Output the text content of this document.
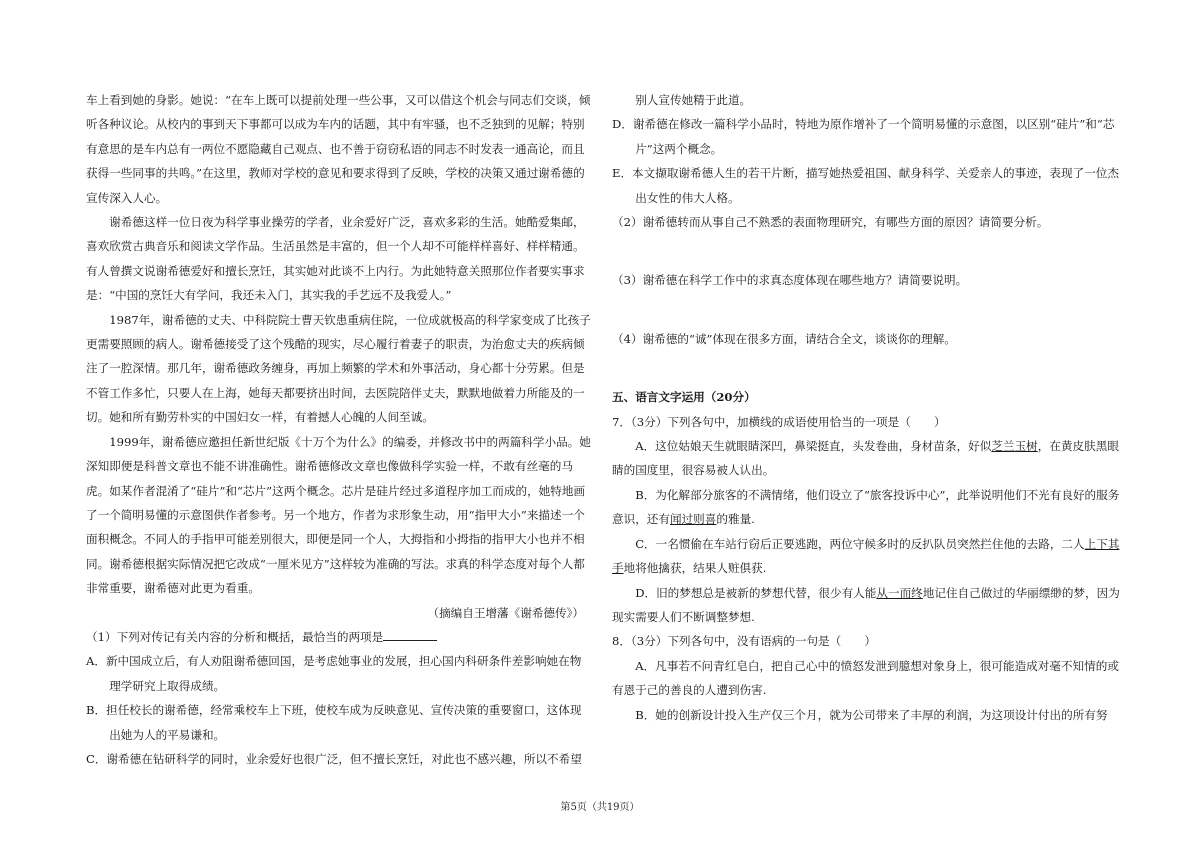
车上看到她的身影。她说：“在车上既可以提前处理一些公事，又可以借这个机会与同志们交谈，倾听各种议论。从校内的事到天下事都可以成为车内的话题，其中有牢骚，也不乏独到的见解；特别有意思的是车内总有一两位不愿隐藏自己观点、也不善于窃窃私语的同志不时发表一通高论，而且获得一些同事的共鸣。”在这里，教师对学校的意见和要求得到了反映，学校的决策又通过谢希德的宣传深入人心。

谢希德这样一位日夜为科学事业操劳的学者，业余爱好广泛，喜欢多彩的生活。她酷爱集邮，喜欢欣赏古典音乐和阅读文学作品。生活虽然是丰富的，但一个人却不可能样样喜好、样样精通。有人曾撰文说谢希德爱好和擅长烹饪，其实她对此谈不上内行。为此她特意关照那位作者要实事求是：“中国的烹饪大有学问，我还未入门，其实我的手艺远不及我爱人。”

1987年，谢希德的丈夫、中科院院士曹天钦患重病住院，一位成就极高的科学家变成了比孩子更需要照顾的病人。谢希德接受了这个残酷的现实，尽心履行着妻子的职责，为治愈丈夫的疾病倾注了一腔深情。那几年，谢希德政务缠身，再加上频繁的学术和外事活动，身心都十分劳累。但是不管工作多忙，只要人在上海，她每天都要挤出时间，去医院陪伴丈夫，默默地做着力所能及的一切。她和所有勤劳朴实的中国妇女一样，有着撼人心魄的人间至诚。

1999年，谢希德应邀担任新世纪版《十万个为什么》的编委，并修改书中的两篇科学小品。她深知即便是科普文章也不能不讲准确性。谢希德修改文章也像做科学实验一样，不敢有丝毫的马虎。如某作者混淆了“硅片”和“芯片”这两个概念。芯片是硅片经过多道程序加工而成的，她特地画了一个简明易懂的示意图供作者参考。另一个地方，作者为求形象生动，用“指甲大小”来描述一个面积概念。不同人的手指甲可能差别很大，即便是同一个人，大拇指和小拇指的指甲大小也并不相同。谢希德根据实际情况把它改成“一厘米见方”这样较为准确的写法。求真的科学态度对每个人都非常重要，谢希德对此更为看重。

（摘编自王增藩《谢希德传》）

（1）下列对传记有关内容的分析和概括，最恰当的两项是

A．新中国成立后，有人劝阻谢希德回国，是考虑她事业的发展，担心国内科研条件差影响她在物理学研究上取得成绩。

B．担任校长的谢希德，经常乘校车上下班，使校车成为反映意见、宣传决策的重要窗口，这体现出她为人的平易谦和。

C．谢希德在钻研科学的同时，业余爱好也很广泛，但不擅长烹饪，对此也不感兴趣，所以不希望

别人宣传她精于此道。

D．谢希德在修改一篇科学小品时，特地为原作增补了一个简明易懂的示意图，以区别“硅片”和“芯片”这两个概念。

E．本文撷取谢希德人生的若干片断，描写她热爱祖国、献身科学、关爱亲人的事迹，表现了一位杰出女性的伟大人格。

（2）谢希德转而从事自己不熟悉的表面物理研究，有哪些方面的原因？请简要分析。

（3）谢希德在科学工作中的求真态度体现在哪些地方？请简要说明。

（4）谢希德的“诚”体现在很多方面，请结合全文，谈谈你的理解。

五、语言文字运用（20分）

7．（3分）下列各句中，加横线的成语使用恰当的一项是（　　）

A．这位姑娘天生就眼睛深凹，鼻梁挺直，头发卷曲，身材苗条，好似芝兰玉树，在黄皮肤黑眼睛的国度里，很容易被人认出。

B．为化解部分旅客的不满情绪，他们设立了“旅客投诉中心”，此举说明他们不光有良好的服务意识，还有闻过则喜的雅量.

C．一名惯偷在车站行窃后正要逃跑，两位守候多时的反扒队员突然拦住他的去路，二人上下其手地将他擒获，结果人赃俱获.

D．旧的梦想总是被新的梦想代替，很少有人能从一而终地记住自己做过的华丽缥缈的梦，因为现实需要人们不断调整梦想.

8．（3分）下列各句中，没有语病的一句是（　　）

A．凡事若不问青红皂白，把自己心中的愤怒发泄到臆想对象身上，很可能造成对毫不知情的或有恩于己的善良的人遭到伤害.

B．她的创新设计投入生产仅三个月，就为公司带来了丰厚的利润，为这项设计付出的所有努

第5页（共19页）
